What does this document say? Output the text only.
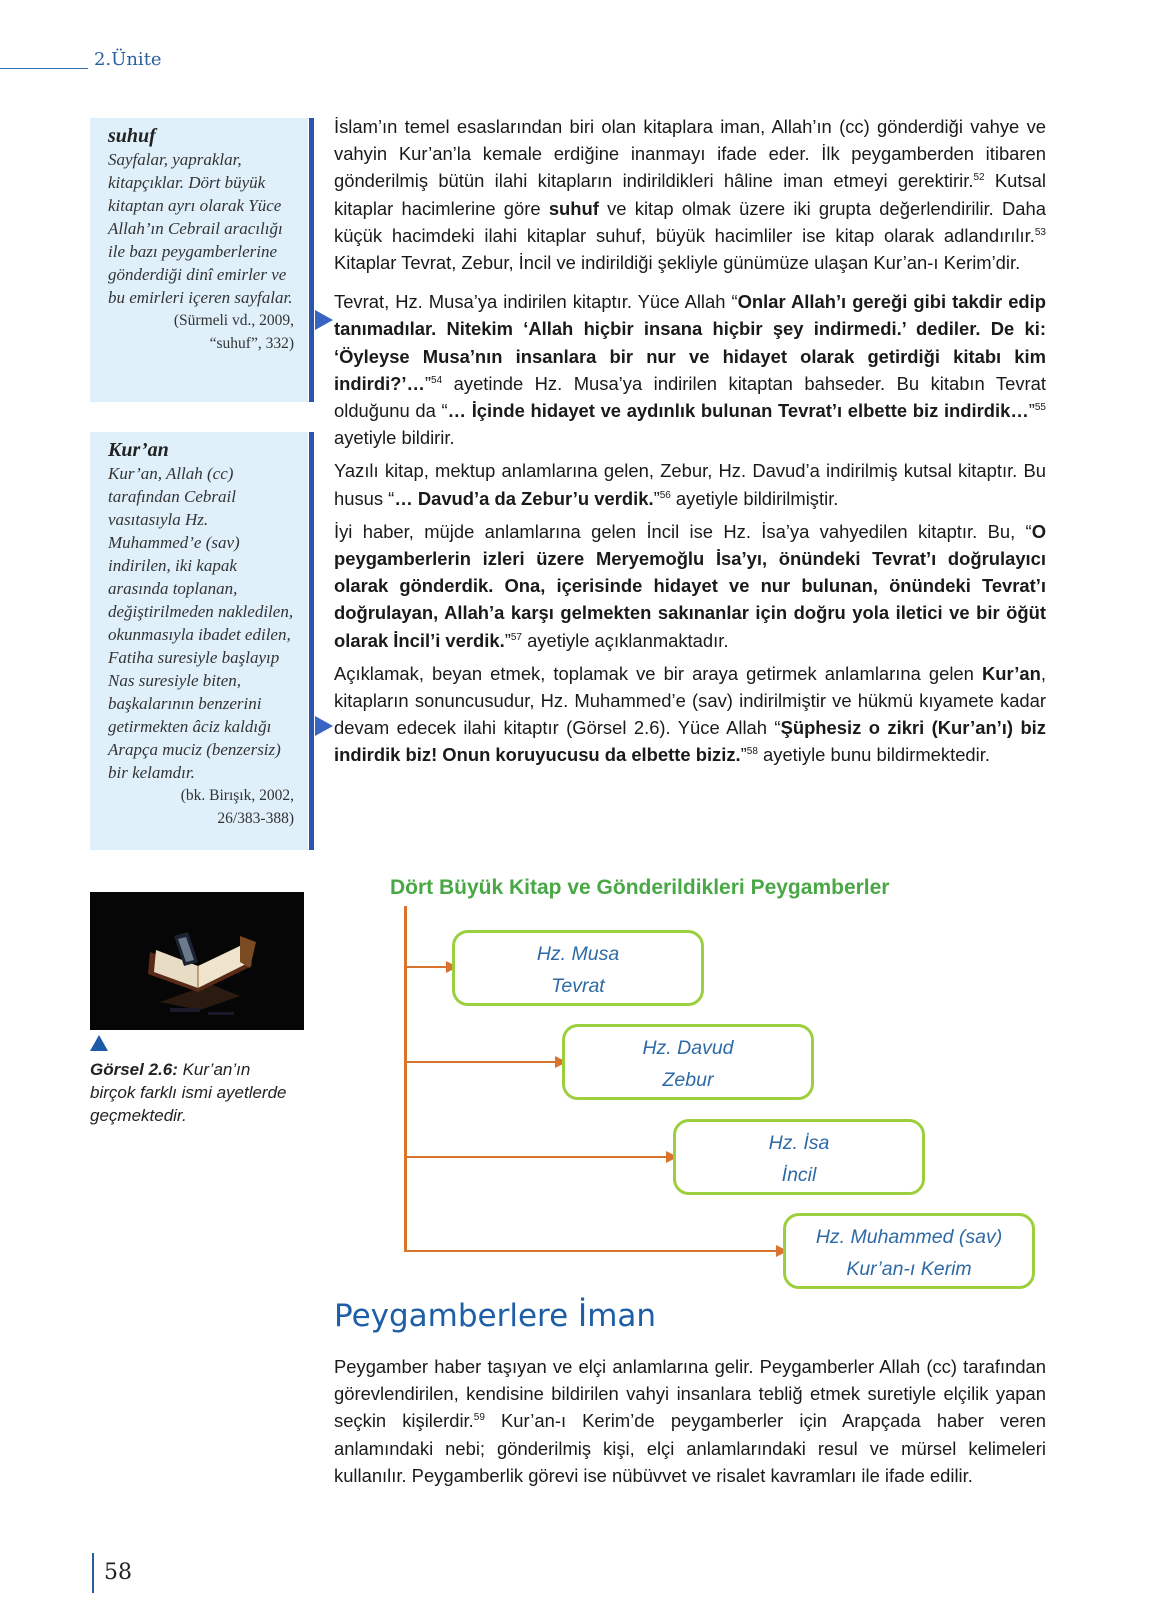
2.Ünite
suhuf
Sayfalar, yapraklar, kitapçıklar. Dört büyük kitaptan ayrı olarak Yüce Allah’ın Cebrail aracılığı ile bazı peygamberlerine gönderdiği dinî emirler ve bu emirleri içeren sayfalar.
(Sürmeli vd., 2009,
“suhuf”, 332)
Kur’an
Kur’an, Allah (cc) tarafından Cebrail vasıtasıyla Hz. Muhammed’e (sav) indirilen, iki kapak arasında toplanan, değiştirilmeden nakledilen, okunmasıyla ibadet edilen, Fatiha suresiyle başlayıp Nas suresiyle biten, başkalarının benzerini getirmekten âciz kaldığı Arapça muciz (benzersiz) bir kelamdır.
(bk. Birışık, 2002,
26/383-388)

İslam’ın temel esaslarından biri olan kitaplara iman, Allah’ın (cc) gönderdiği vahye ve vahyin Kur’an’la kemale erdiğine inanmayı ifade eder. İlk peygamberden itibaren gönderilmiş bütün ilahi kitapların indirildikleri hâline iman etmeyi gerektirir.$^{52}$ Kutsal kitaplar hacimlerine göre suhuf ve kitap olmak üzere iki grupta değerlendirilir. Daha küçük hacimdeki ilahi kitaplar suhuf, büyük hacimliler ise kitap olarak adlandırılır.$^{53}$ Kitaplar Tevrat, Zebur, İncil ve indirildiği şekliyle günümüze ulaşan Kur’an-ı Kerim’dir.

Tevrat, Hz. Musa’ya indirilen kitaptır. Yüce Allah “Onlar Allah’ı gereği gibi takdir edip tanımadılar. Nitekim ‘Allah hiçbir insana hiçbir şey indirmedi.’ dediler. De ki: ‘Öyleyse Musa’nın insanlara bir nur ve hidayet olarak getirdiği kitabı kim indirdi?’…”$^{54}$ ayetinde Hz. Musa’ya indirilen kitaptan bahseder. Bu kitabın Tevrat olduğunu da “… İçinde hidayet ve aydınlık bulunan Tevrat’ı elbette biz indirdik…”$^{55}$ ayetiyle bildirir.

Yazılı kitap, mektup anlamlarına gelen, Zebur, Hz. Davud’a indirilmiş kutsal kitaptır. Bu husus “… Davud’a da Zebur’u verdik.”$^{56}$ ayetiyle bildirilmiştir.

İyi haber, müjde anlamlarına gelen İncil ise Hz. İsa’ya vahyedilen kitaptır. Bu, “O peygamberlerin izleri üzere Meryemoğlu İsa’yı, önündeki Tevrat’ı doğrulayıcı olarak gönderdik. Ona, içerisinde hidayet ve nur bulunan, önündeki Tevrat’ı doğrulayan, Allah’a karşı gelmekten sakınanlar için doğru yola iletici ve bir öğüt olarak İncil’i verdik.”$^{57}$ ayetiyle açıklanmaktadır.

Açıklamak, beyan etmek, toplamak ve bir araya getirmek anlamlarına gelen Kur’an, kitapların sonuncusudur, Hz. Muhammed’e (sav) indirilmiştir ve hükmü kıyamete kadar devam edecek ilahi kitaptır (Görsel 2.6). Yüce Allah “Şüphesiz o zikri (Kur’an’ı) biz indirdik biz! Onun koruyucusu da elbette biziz.”$^{58}$ ayetiyle bunu bildirmektedir.

Görsel 2.6: Kur’an’ın birçok farklı ismi ayetlerde geçmektedir.
Dört Büyük Kitap ve Gönderildikleri Peygamberler
Hz. Musa
Tevrat
Hz. Davud
Zebur
Hz. İsa
İncil
Hz. Muhammed (sav)
Kur’an-ı Kerim
Peygamberlere İman

Peygamber haber taşıyan ve elçi anlamlarına gelir. Peygamberler Allah (cc) tarafından görevlendirilen, kendisine bildirilen vahyi insanlara tebliğ etmek suretiyle elçilik yapan seçkin kişilerdir.$^{59}$ Kur’an-ı Kerim’de peygamberler için Arapçada haber veren anlamındaki nebi; gönderilmiş kişi, elçi anlamlarındaki resul ve mürsel kelimeleri kullanılır. Peygamberlik görevi ise nübüvvet ve risalet kavramları ile ifade edilir.

58
